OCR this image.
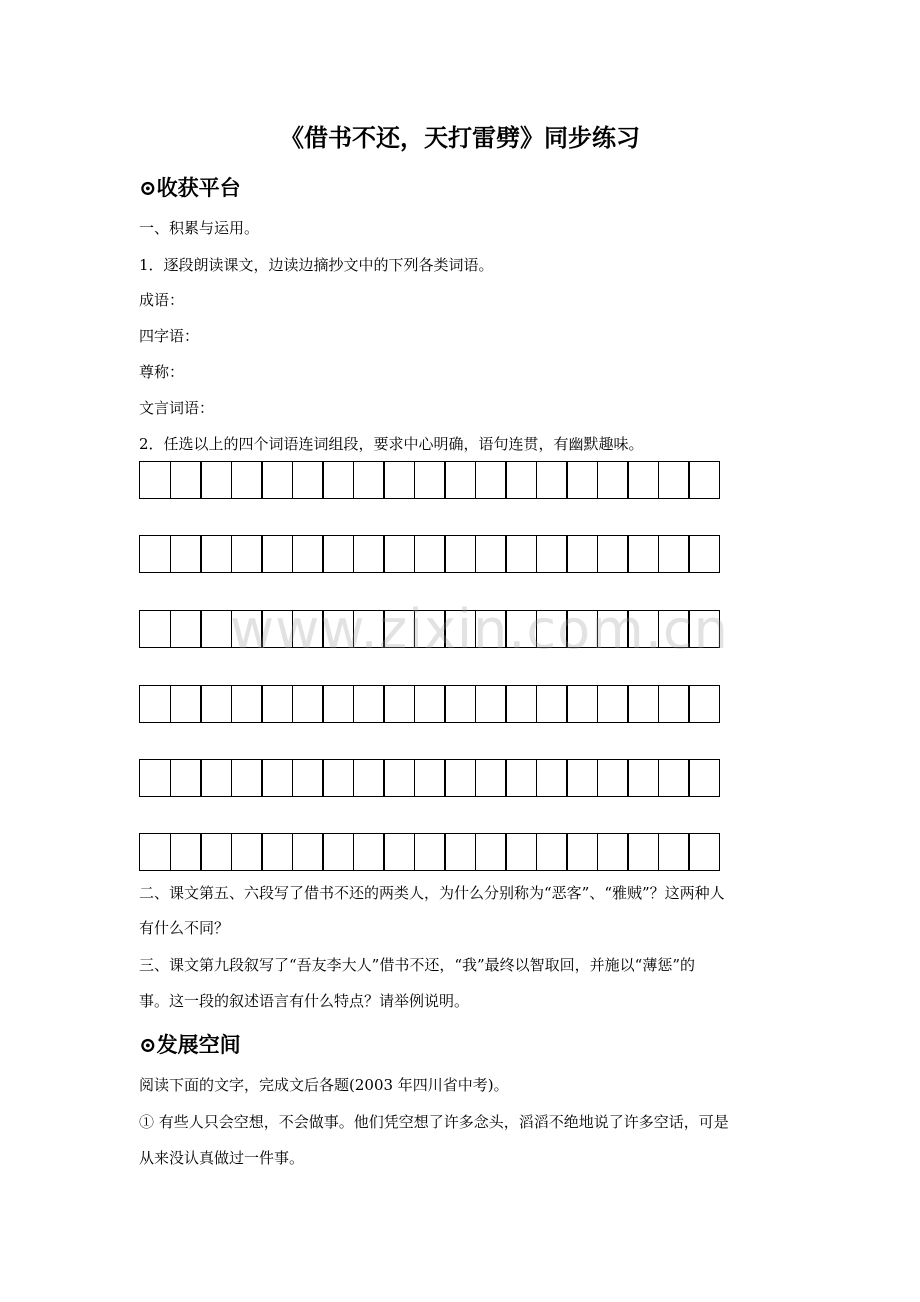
《借书不还，天打雷劈》同步练习
⊙收获平台
一、积累与运用。
1．逐段朗读课文，边读边摘抄文中的下列各类词语。
成语：
四字语：
尊称：
文言词语：
2．任选以上的四个词语连词组段，要求中心明确，语句连贯，有幽默趣味。
www.zixin.com.cn
二、课文第五、六段写了借书不还的两类人，为什么分别称为“恶客”、“雅贼”？这两种人
有什么不同？
三、课文第九段叙写了“吾友李大人”借书不还，“我”最终以智取回，并施以“薄惩”的
事。这一段的叙述语言有什么特点？请举例说明。
⊙发展空间
阅读下面的文字，完成文后各题(2003 年四川省中考)。
① 有些人只会空想，不会做事。他们凭空想了许多念头，滔滔不绝地说了许多空话，可是
从来没认真做过一件事。
